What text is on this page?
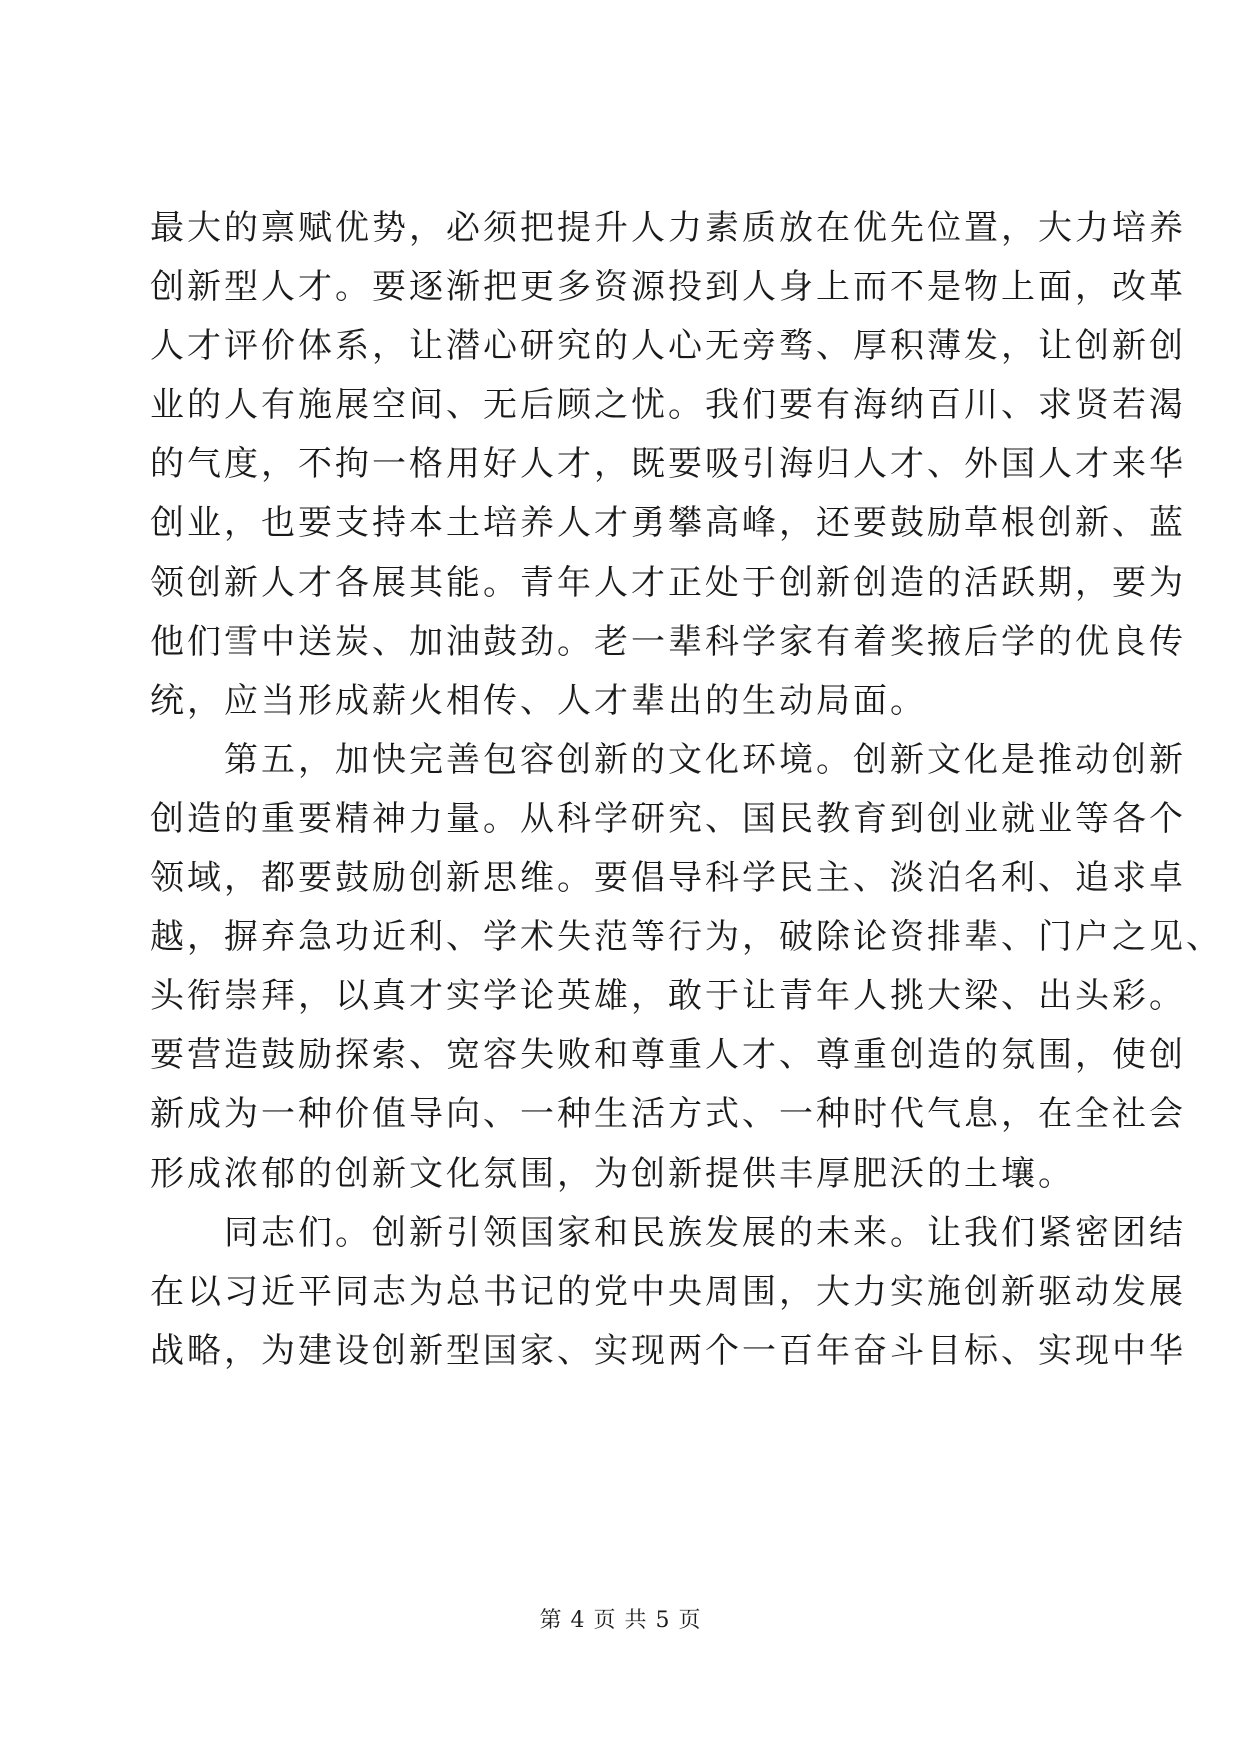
最大的禀赋优势，必须把提升人力素质放在优先位置，大力培养
创新型人才。要逐渐把更多资源投到人身上而不是物上面，改革
人才评价体系，让潜心研究的人心无旁骛、厚积薄发，让创新创
业的人有施展空间、无后顾之忧。我们要有海纳百川、求贤若渴
的气度，不拘一格用好人才，既要吸引海归人才、外国人才来华
创业，也要支持本土培养人才勇攀高峰，还要鼓励草根创新、蓝
领创新人才各展其能。青年人才正处于创新创造的活跃期，要为
他们雪中送炭、加油鼓劲。老一辈科学家有着奖掖后学的优良传
统，应当形成薪火相传、人才辈出的生动局面。
第五，加快完善包容创新的文化环境。创新文化是推动创新
创造的重要精神力量。从科学研究、国民教育到创业就业等各个
领域，都要鼓励创新思维。要倡导科学民主、淡泊名利、追求卓
越，摒弃急功近利、学术失范等行为，破除论资排辈、门户之见、
头衔崇拜，以真才实学论英雄，敢于让青年人挑大梁、出头彩。
要营造鼓励探索、宽容失败和尊重人才、尊重创造的氛围，使创
新成为一种价值导向、一种生活方式、一种时代气息，在全社会
形成浓郁的创新文化氛围，为创新提供丰厚肥沃的土壤。
同志们。创新引领国家和民族发展的未来。让我们紧密团结
在以习近平同志为总书记的党中央周围，大力实施创新驱动发展
战略，为建设创新型国家、实现两个一百年奋斗目标、实现中华
第 4 页 共 5 页
